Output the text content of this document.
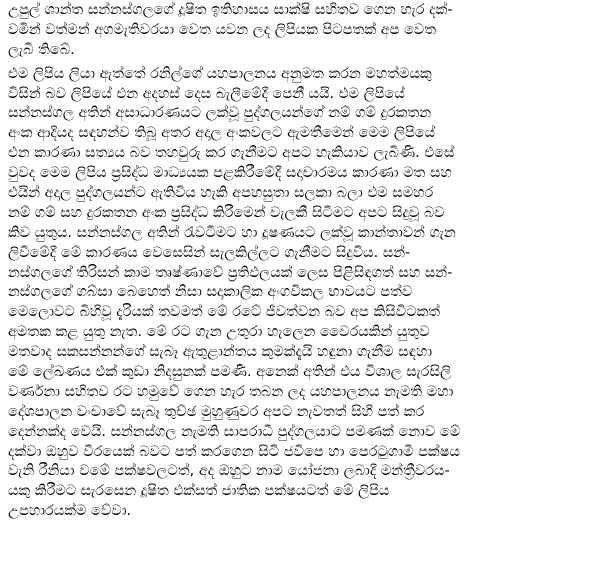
උපුල් ශාන්ත සන්නස්ගලගේ දූෂිත ඉතිහාසය සාක්ෂි සහිතව ගෙන හැර දක්-
වමින් වත්මන් අගමැතිවරයා වෙත යවන ලද ලිපියක පිටපතක් අප වෙත
ලැබී තිබේ.
එම ලිපිය ලියා ඇත්තේ රනිල්ගේ යහපාලනය අනුමත කරන මහත්මයකු
විසින් බව ලිපියේ එන අදහස් දෙස බැලීමේදී පෙනී යයි. එම ලිපියේ
සන්නස්ගල අතින් අසාධාරණයට ලක්වූ පුද්ගලයන්ගේ නම් ගම් දුරකතන
අංක ආදියද සඳහන්ව තිබූ අතර අදාල අංකවලට ඇමතීමෙන් මෙම ලිපියේ
එන කාරණා සත්‍යය බව තහවුරු කර ගැනීමට අපට හැකියාව ලැබිණි. එසේ
වුවද මෙම ලිපිය ප්‍රසිද්ධ මාධ්‍යයක පළකිරීමේදී සදාචාරමය කාරණා මත සහ
එයින් අදාල පුද්ගලයන්ට ඇතිවිය හැකි අපහසුතා සලකා බලා එම සමහර
නම් ගම් සහ දුරකතන අංක ප්‍රසිද්ධ කිරීමෙන් වැලකී සිටීමට අපට සිදුවූ බව
කිව යුතුය. සන්නස්ගල අතින් රැවටීමට හා දූෂණයට ලක්වූ කාන්තාවන් ගැන
ලිවීමේදී මේ කාරණය වෙසෙසින් සැලකිල්ලට ගැනීමට සිදුවිය. සන්-
නස්ගලගේ තිරිසන් කාම තෘෂ්ණාවේ ප්‍රතිඵලයක් ලෙස පිළිසිඳගත් සහ සන්-
නස්ගලගේ ගබ්සා බෙහෙත් නිසා සදාකාලික අංගවිකල භාවයට පත්ව
මෙලොවට බිහිවූ දැරියක් තවමත් මේ රටේ ජීවත්වන බව අප කිසිවිටකත්
අමතක කළ යුතු නැත. මේ රට ගැන උතුරා හැලෙන වෛරයකින් යුතුව
මතවාද සකසන්නන්ගේ සැබෑ ඇතුළාන්තය කුමක්දැයි හඳුනා ගැනීම සඳහා
මේ ලේඛණය එක් කුඩා නිදසුනක් පමණි. අනෙක් අතින් එය විශාල සැරසිලි
වර්ණනා සහිතව රට හමුවේ ගෙන හැර තබන ලද යහපාලනය නැමති මහා
දේශපාලන වංචාවේ සැබෑ තුච්ඡ මුහුණුවර අපට නැවතත් සිහි පත් කර
දෙන්නක්ද වෙයි. සන්නස්ගල නැමති සාපරාධී පුද්ගලයාට පමණක් නොව මේ
දක්වා ඔහුව වීරයෙක් බවට පත් කරගෙන සිටි ජවිපෙ හා පෙරටුගාමී පක්ෂය
වැනි රීනියා වමේ පක්ෂවලටත්, අද ඔහුට නාම යෝජනා ලබාදී මන්ත්‍රීවරය-
යකු කිරීමට සැරසෙන දූෂිත එක්සත් ජාතික පක්ෂයටත් මේ ලිපිය
උපහාරයක්ම වේවා.
